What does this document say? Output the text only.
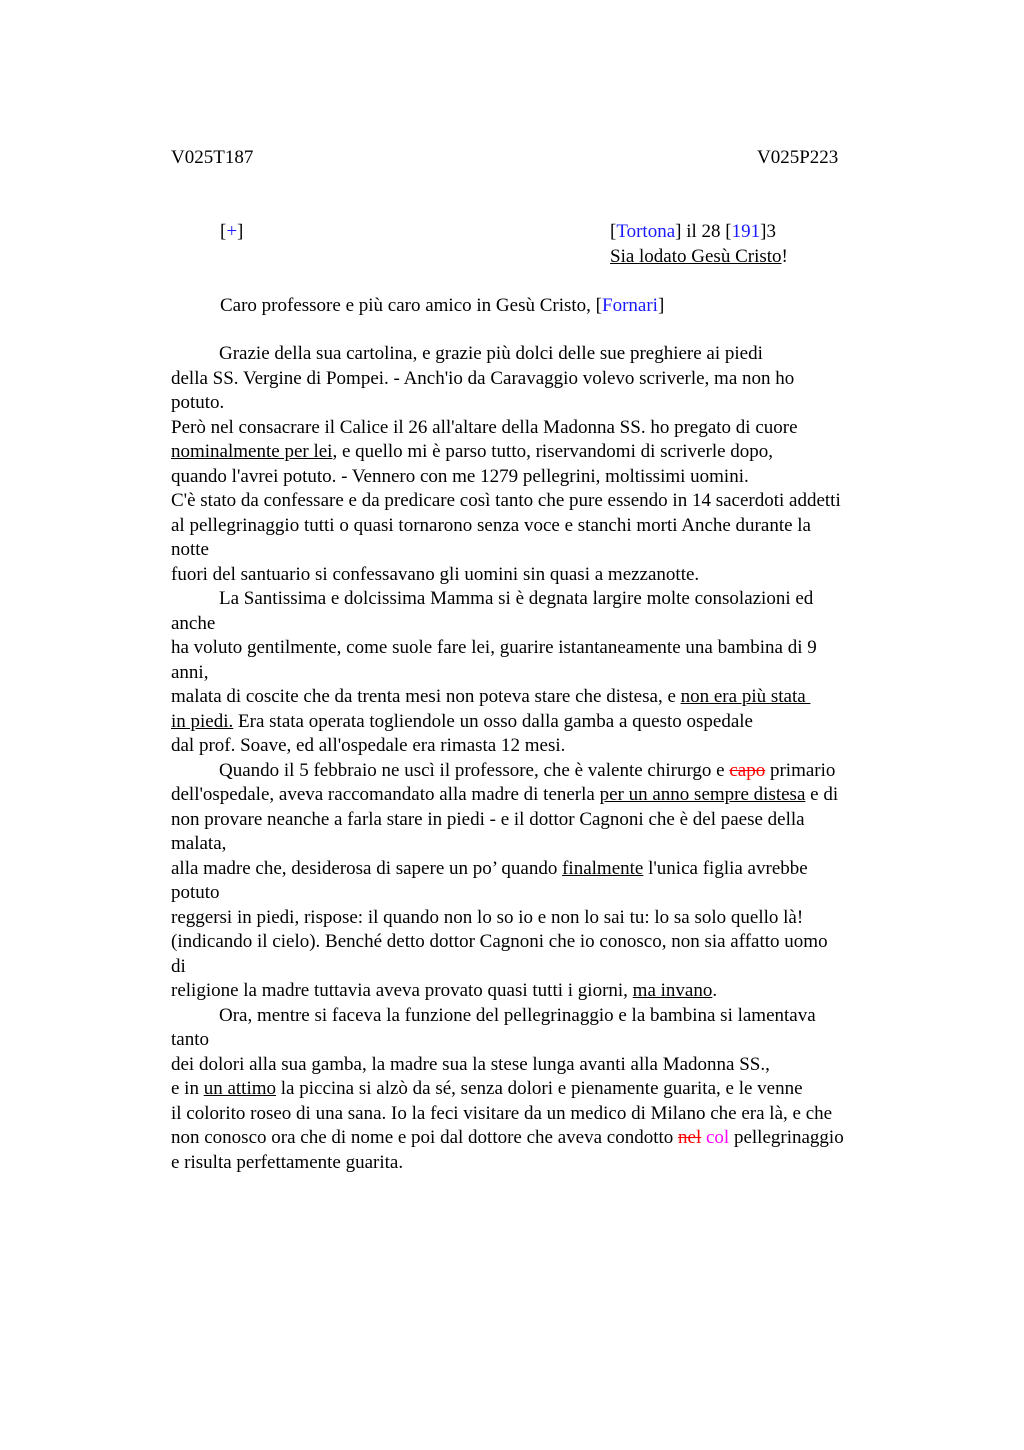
V025T187	V025P223
[+]	[Tortona] il 28 [191]3
Sia lodato Gesù Cristo!
Caro professore e più caro amico in Gesù Cristo, [Fornari]
Grazie della sua cartolina, e grazie più dolci delle sue preghiere ai piedi
della SS. Vergine di Pompei. - Anch'io da Caravaggio volevo scriverle, ma non ho
potuto.
Però nel consacrare il Calice il 26 all'altare della Madonna SS. ho pregato di cuore
nominalmente per lei, e quello mi è parso tutto, riservandomi di scriverle dopo,
quando l'avrei potuto. - Vennero con me 1279 pellegrini, moltissimi uomini.
C'è stato da confessare e da predicare così tanto che pure essendo in 14 sacerdoti addetti
al pellegrinaggio tutti o quasi tornarono senza voce e stanchi morti Anche durante la
notte
fuori del santuario si confessavano gli uomini sin quasi a mezzanotte.
La Santissima e dolcissima Mamma si è degnata largire molte consolazioni ed
anche
ha voluto gentilmente, come suole fare lei, guarire istantaneamente una bambina di 9
anni,
malata di coscite che da trenta mesi non poteva stare che distesa, e non era più stata
in piedi. Era stata operata togliendole un osso dalla gamba a questo ospedale
dal prof. Soave, ed all'ospedale era rimasta 12 mesi.
Quando il 5 febbraio ne uscì il professore, che è valente chirurgo e capo primario
dell'ospedale, aveva raccomandato alla madre di tenerla per un anno sempre distesa e di
non provare neanche a farla stare in piedi - e il dottor Cagnoni che è del paese della
malata,
alla madre che, desiderosa di sapere un po’ quando finalmente l'unica figlia avrebbe
potuto
reggersi in piedi, rispose: il quando non lo so io e non lo sai tu: lo sa solo quello là!
(indicando il cielo). Benché detto dottor Cagnoni che io conosco, non sia affatto uomo
di
religione la madre tuttavia aveva provato quasi tutti i giorni, ma invano.
Ora, mentre si faceva la funzione del pellegrinaggio e la bambina si lamentava
tanto
dei dolori alla sua gamba, la madre sua la stese lunga avanti alla Madonna SS.,
e in un attimo la piccina si alzò da sé, senza dolori e pienamente guarita, e le venne
il colorito roseo di una sana. Io la feci visitare da un medico di Milano che era là, e che
non conosco ora che di nome e poi dal dottore che aveva condotto nel col pellegrinaggio
e risulta perfettamente guarita.
